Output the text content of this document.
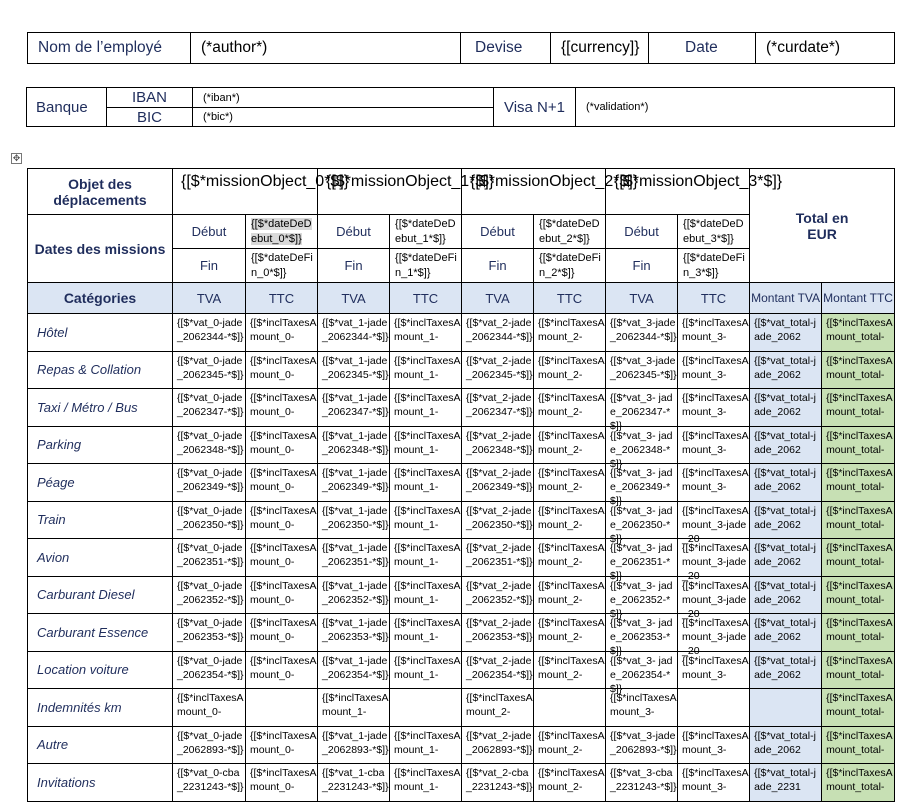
Nom de l’employé	(*author*)	Devise	{[currency]}	Date	(*curdate*)
Banque	IBAN	(*iban*)	Visa N+1	(*validation*)
	BIC	(*bic*)		
✥
Objet des déplacements	{[$*missionObject_0*$]}		{[$*missionObject_1*$]}		{[$*missionObject_2*$]}		{[$*missionObject_3*$]}		Total en EUR	
Dates des missions	Début	{[$*dateDeDebut_0*$]}	Début	{[$*dateDeDebut_1*$]}	Début	{[$*dateDeDebut_2*$]}	Début	{[$*dateDeDebut_3*$]}		
	Fin	{[$*dateDeFin_0*$]}	Fin	{[$*dateDeFin_1*$]}	Fin	{[$*dateDeFin_2*$]}	Fin	{[$*dateDeFin_3*$]}		
Catégories	TVA	TTC	TVA	TTC	TVA	TTC	TVA	TTC	Montant TVA	Montant TTC
Hôtel	{[$*vat_0-jade_2062344-*$]}	{[$*inclTaxesAmount_0-	{[$*vat_1-jade_2062344-*$]}	{[$*inclTaxesAmount_1-	{[$*vat_2-jade_2062344-*$]}	{[$*inclTaxesAmount_2-	{[$*vat_3-jade_2062344-*$]}	{[$*inclTaxesAmount_3-	{[$*vat_total-jade_2062	{[$*inclTaxesAmount_total-

Repas & Collation	{[$*vat_0-jade_2062345-*$]}	{[$*inclTaxesAmount_0-	{[$*vat_1-jade_2062345-*$]}	{[$*inclTaxesAmount_1-	{[$*vat_2-jade_2062345-*$]}	{[$*inclTaxesAmount_2-	{[$*vat_3-jade_2062345-*$]}	{[$*inclTaxesAmount_3-	{[$*vat_total-jade_2062	{[$*inclTaxesAmount_total-

Taxi / Métro / Bus	{[$*vat_0-jade_2062347-*$]}	{[$*inclTaxesAmount_0-	{[$*vat_1-jade_2062347-*$]}	{[$*inclTaxesAmount_1-	{[$*vat_2-jade_2062347-*$]}	{[$*inclTaxesAmount_2-	{[$*vat_3- jade_2062347-*$]}	{[$*inclTaxesAmount_3-	{[$*vat_total-jade_2062	{[$*inclTaxesAmount_total-

Parking	{[$*vat_0-jade_2062348-*$]}	{[$*inclTaxesAmount_0-	{[$*vat_1-jade_2062348-*$]}	{[$*inclTaxesAmount_1-	{[$*vat_2-jade_2062348-*$]}	{[$*inclTaxesAmount_2-	{[$*vat_3- jade_2062348-*$]}	{[$*inclTaxesAmount_3-	{[$*vat_total-jade_2062	{[$*inclTaxesAmount_total-

Péage	{[$*vat_0-jade_2062349-*$]}	{[$*inclTaxesAmount_0-	{[$*vat_1-jade_2062349-*$]}	{[$*inclTaxesAmount_1-	{[$*vat_2-jade_2062349-*$]}	{[$*inclTaxesAmount_2-	{[$*vat_3- jade_2062349-*$]}	{[$*inclTaxesAmount_3-	{[$*vat_total-jade_2062	{[$*inclTaxesAmount_total-

Train	{[$*vat_0-jade_2062350-*$]}	{[$*inclTaxesAmount_0-	{[$*vat_1-jade_2062350-*$]}	{[$*inclTaxesAmount_1-	{[$*vat_2-jade_2062350-*$]}	{[$*inclTaxesAmount_2-	{[$*vat_3- jade_2062350-*$]}	{[$*inclTaxesAmount_3-jade_20	{[$*vat_total-jade_2062	{[$*inclTaxesAmount_total-

Avion	{[$*vat_0-jade_2062351-*$]}	{[$*inclTaxesAmount_0-	{[$*vat_1-jade_2062351-*$]}	{[$*inclTaxesAmount_1-	{[$*vat_2-jade_2062351-*$]}	{[$*inclTaxesAmount_2-	{[$*vat_3- jade_2062351-*$]}	{[$*inclTaxesAmount_3-jade_20	{[$*vat_total-jade_2062	{[$*inclTaxesAmount_total-

Carburant Diesel	{[$*vat_0-jade_2062352-*$]}	{[$*inclTaxesAmount_0-	{[$*vat_1-jade_2062352-*$]}	{[$*inclTaxesAmount_1-	{[$*vat_2-jade_2062352-*$]}	{[$*inclTaxesAmount_2-	{[$*vat_3- jade_2062352-*$]}	{[$*inclTaxesAmount_3-jade_20	{[$*vat_total-jade_2062	{[$*inclTaxesAmount_total-

Carburant Essence	{[$*vat_0-jade_2062353-*$]}	{[$*inclTaxesAmount_0-	{[$*vat_1-jade_2062353-*$]}	{[$*inclTaxesAmount_1-	{[$*vat_2-jade_2062353-*$]}	{[$*inclTaxesAmount_2-	{[$*vat_3- jade_2062353-*$]}	{[$*inclTaxesAmount_3-jade_20	{[$*vat_total-jade_2062	{[$*inclTaxesAmount_total-

Location voiture	{[$*vat_0-jade_2062354-*$]}	{[$*inclTaxesAmount_0-	{[$*vat_1-jade_2062354-*$]}	{[$*inclTaxesAmount_1-	{[$*vat_2-jade_2062354-*$]}	{[$*inclTaxesAmount_2-	{[$*vat_3- jade_2062354-*$]}	{[$*inclTaxesAmount_3-	{[$*vat_total-jade_2062	{[$*inclTaxesAmount_total-

Indemnités km	{[$*inclTaxesAmount_0-		{[$*inclTaxesAmount_1-		{[$*inclTaxesAmount_2-		{[$*inclTaxesAmount_3-			{[$*inclTaxesAmount_total-

Autre	{[$*vat_0-jade_2062893-*$]}	{[$*inclTaxesAmount_0-	{[$*vat_1-jade_2062893-*$]}	{[$*inclTaxesAmount_1-	{[$*vat_2-jade_2062893-*$]}	{[$*inclTaxesAmount_2-	{[$*vat_3-jade_2062893-*$]}	{[$*inclTaxesAmount_3-	{[$*vat_total-jade_2062	{[$*inclTaxesAmount_total-

Invitations	{[$*vat_0-cba_2231243-*$]}	{[$*inclTaxesAmount_0-	{[$*vat_1-cba_2231243-*$]}	{[$*inclTaxesAmount_1-	{[$*vat_2-cba_2231243-*$]}	{[$*inclTaxesAmount_2-	{[$*vat_3-cba_2231243-*$]}	{[$*inclTaxesAmount_3-	{[$*vat_total-jade_2231	{[$*inclTaxesAmount_total-
